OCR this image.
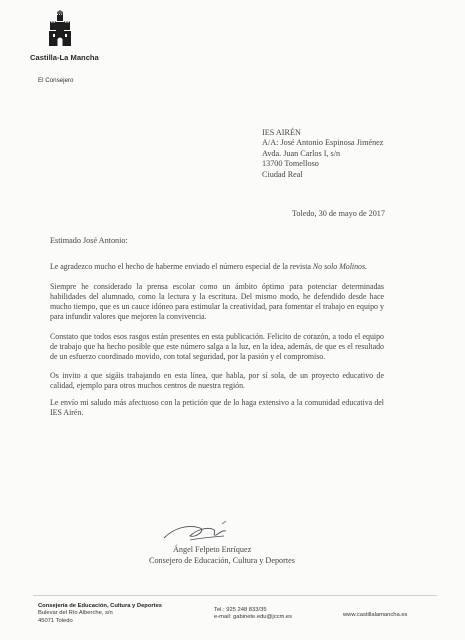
Castilla-La Mancha
El Consejero
IES AIRÉN
A/A: José Antonio Espinosa Jiménez
Avda. Juan Carlos I, s/n
13700 Tomelloso
Ciudad Real
Toledo, 30 de mayo de 2017
Estimado José Antonio:

Le agradezco mucho el hecho de haberme enviado el número especial de la revista No solo Molinos.

Siempre he considerado la prensa escolar como un ámbito óptimo para potenciar determinadas habilidades del alumnado, como la lectura y la escritura. Del mismo modo, he defendido desde hace mucho tiempo, que es un cauce idóneo para estimular la creatividad, para fomentar el trabajo en equipo y para infundir valores que mejoren la convivencia.

Constato que todos esos rasgos están presentes en esta publicación. Felicito de corazón, a todo el equipo de trabajo que ha hecho posible que este número salga a la luz, en la idea, además, de que es el resultado de un esfuerzo coordinado movido, con total seguridad, por la pasión y el compromiso.

Os invito a que sigáis trabajando en esta línea, que habla, por sí sola, de un proyecto educativo de calidad, ejemplo para otros muchos centros de nuestra región.

Le envío mi saludo más afectuoso con la petición que de lo haga extensivo a la comunidad educativa del IES Airén.

Ángel Felpeto Enríquez
Consejero de Educación, Cultura y Deportes
Consejería de Educación, Cultura y Deportes
Bulevar del Río Alberche, s/n
45071 Toledo
Tel.: 925 248 833/35
e-mail: gabinete.edu@jccm.es	www.castillalamancha.es
